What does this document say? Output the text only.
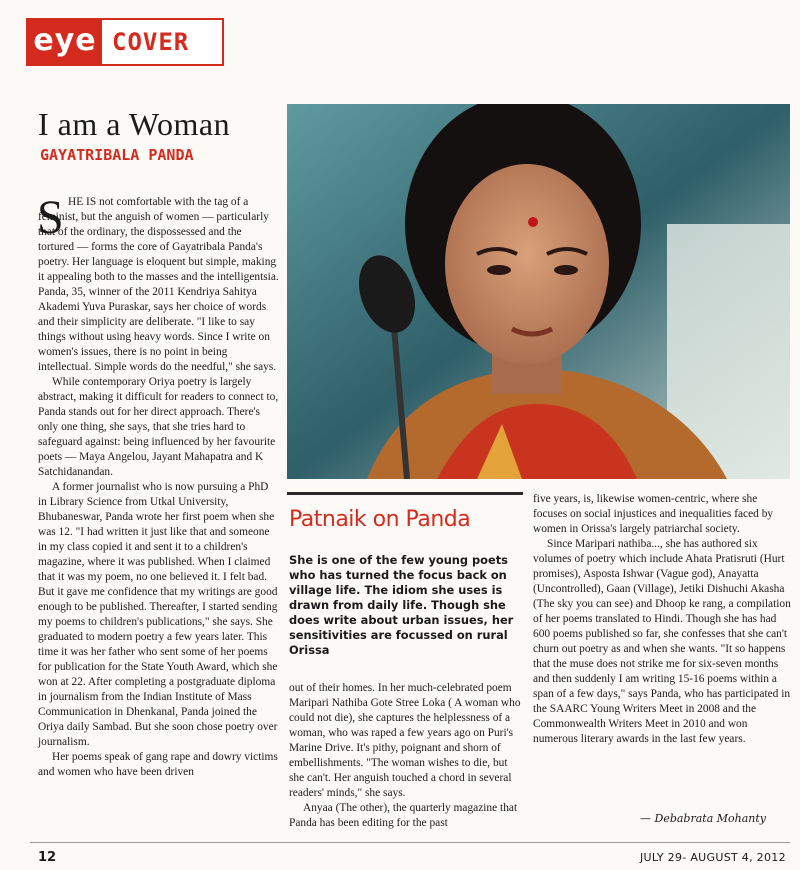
eye COVER
I am a Woman
GAYATRIBALA PANDA
S HE IS not comfortable with the tag of a feminist, but the anguish of women — particularly that of the ordinary, the dispossessed and the tortured — forms the core of Gayatribala Panda's poetry. Her language is eloquent but simple, making it appealing both to the masses and the intelligentsia. Panda, 35, winner of the 2011 Kendriya Sahitya Akademi Yuva Puraskar, says her choice of words and their simplicity are deliberate. "I like to say things without using heavy words. Since I write on women's issues, there is no point in being intellectual. Simple words do the needful," she says.

While contemporary Oriya poetry is largely abstract, making it difficult for readers to connect to, Panda stands out for her direct approach. There's only one thing, she says, that she tries hard to safeguard against: being influenced by her favourite poets — Maya Angelou, Jayant Mahapatra and K Satchidanandan.

A former journalist who is now pursuing a PhD in Library Science from Utkal University, Bhubaneswar, Panda wrote her first poem when she was 12. "I had written it just like that and someone in my class copied it and sent it to a children's magazine, where it was published. When I claimed that it was my poem, no one believed it. I felt bad. But it gave me confidence that my writings are good enough to be published. Thereafter, I started sending my poems to children's publications," she says. She graduated to modern poetry a few years later. This time it was her father who sent some of her poems for publication for the State Youth Award, which she won at 22. After completing a postgraduate diploma in journalism from the Indian Institute of Mass Communication in Dhenkanal, Panda joined the Oriya daily Sambad. But she soon chose poetry over journalism.

Her poems speak of gang rape and dowry victims and women who have been driven

Patnaik on Panda
She is one of the few young poets who has turned the focus back on village life. The idiom she uses is drawn from daily life. Though she does write about urban issues, her sensitivities are focussed on rural Orissa

out of their homes. In her much-celebrated poem Maripari Nathiba Gote Stree Loka ( A woman who could not die), she captures the helplessness of a woman, who was raped a few years ago on Puri's Marine Drive. It's pithy, poignant and shorn of embellishments. "The woman wishes to die, but she can't. Her anguish touched a chord in several readers' minds," she says.

Anyaa (The other), the quarterly magazine that Panda has been editing for the past

five years, is, likewise women-centric, where she focuses on social injustices and inequalities faced by women in Orissa's largely patriarchal society.

Since Maripari nathiba..., she has authored six volumes of poetry which include Ahata Pratisruti (Hurt promises), Asposta Ishwar (Vague god), Anayatta (Uncontrolled), Gaan (Village), Jetiki Dishuchi Akasha (The sky you can see) and Dhoop ke rang, a compilation of her poems translated to Hindi. Though she has had 600 poems published so far, she confesses that she can't churn out poetry as and when she wants. "It so happens that the muse does not strike me for six-seven months and then suddenly I am writing 15-16 poems within a span of a few days," says Panda, who has participated in the SAARC Young Writers Meet in 2008 and the Commonwealth Writers Meet in 2010 and won numerous literary awards in the last few years.

— Debabrata Mohanty
12	JULY 29- AUGUST 4, 2012
